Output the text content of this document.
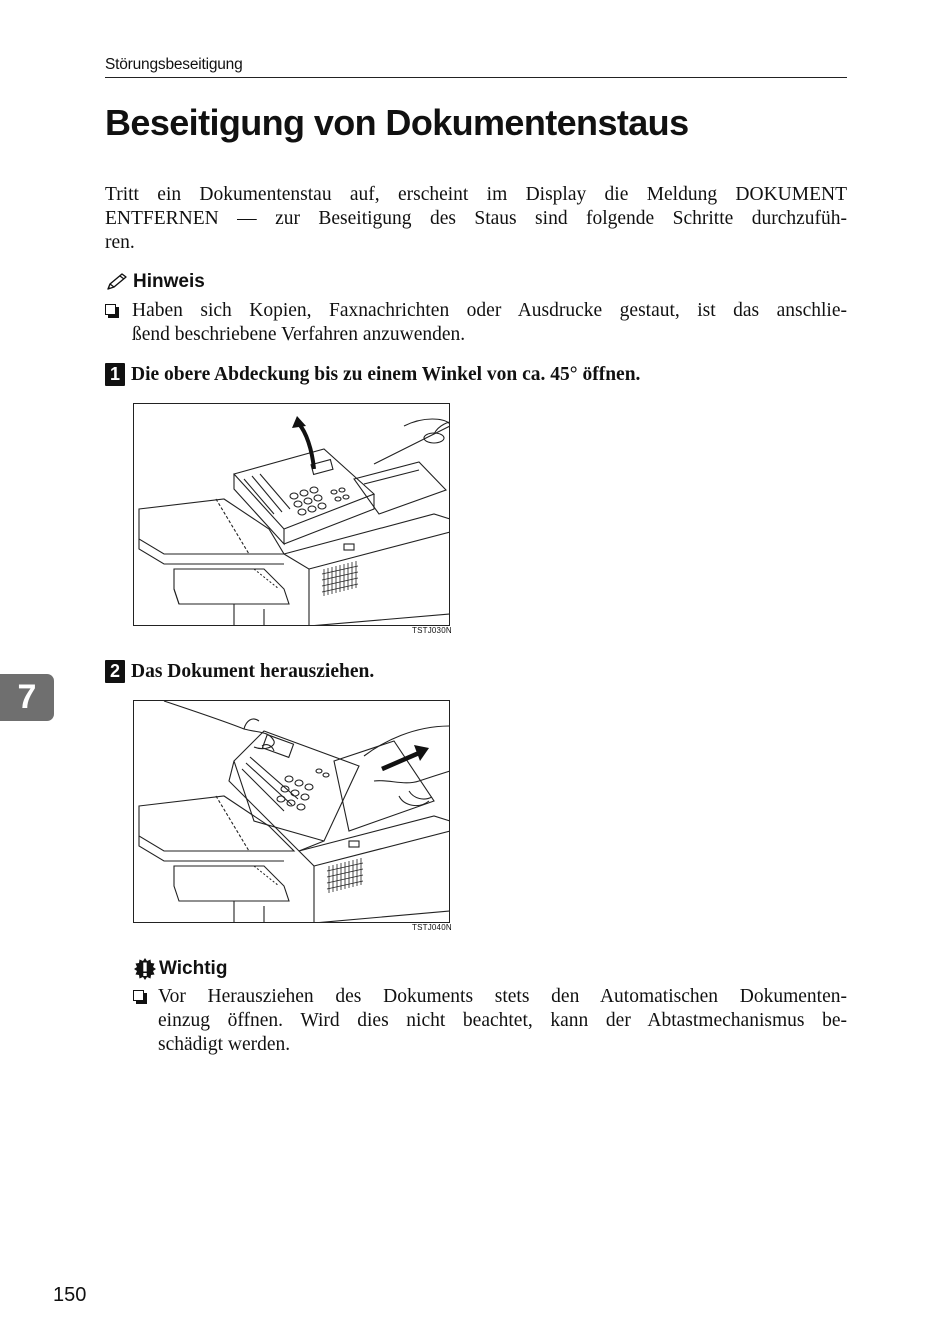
Störungsbeseitigung
Beseitigung von Dokumentenstaus
Tritt ein Dokumentenstau auf, erscheint im Display die Meldung DOKUMENT
ENTFERNEN — zur Beseitigung des Staus sind folgende Schritte durchzufüh-
ren.
Hinweis
Haben sich Kopien, Faxnachrichten oder Ausdrucke gestaut, ist das anschlie-
ßend beschriebene Verfahren anzuwenden.
1 Die obere Abdeckung bis zu einem Winkel von ca. 45° öffnen.
TSTJ030N
7
2 Das Dokument herausziehen.
TSTJ040N
Wichtig
Vor Herausziehen des Dokuments stets den Automatischen Dokumenten-
einzug öffnen. Wird dies nicht beachtet, kann der Abtastmechanismus be-
schädigt werden.
150
